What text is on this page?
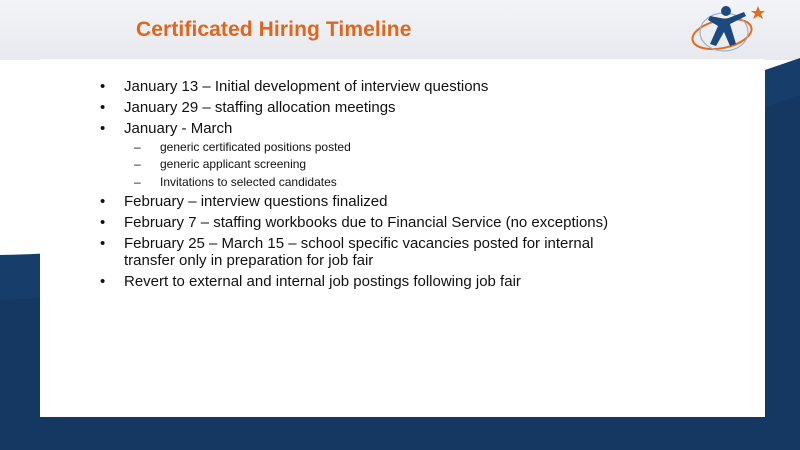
Certificated Hiring Timeline
• January 13 – Initial development of interview questions
• January 29 – staffing allocation meetings
• January - March
– generic certificated positions posted
– generic applicant screening
– Invitations to selected candidates
• February – interview questions finalized
• February 7 – staffing workbooks due to Financial Service (no exceptions)
• February 25 – March 15 – school specific vacancies posted for internal transfer only in preparation for job fair
• Revert to external and internal job postings following job fair
